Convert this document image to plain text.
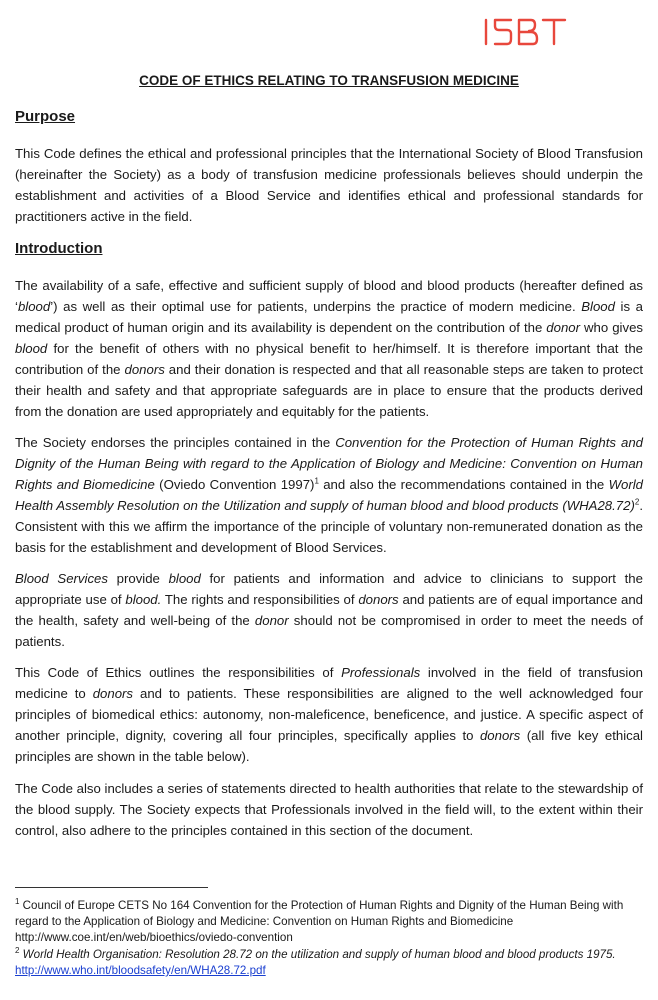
CODE OF ETHICS RELATING TO TRANSFUSION MEDICINE
Purpose

This Code defines the ethical and professional principles that the International Society of Blood Transfusion (hereinafter the Society) as a body of transfusion medicine professionals believes should underpin the establishment and activities of a Blood Service and identifies ethical and professional standards for practitioners active in the field.

Introduction

The availability of a safe, effective and sufficient supply of blood and blood products (hereafter defined as ‘blood’) as well as their optimal use for patients, underpins the practice of modern medicine. Blood is a medical product of human origin and its availability is dependent on the contribution of the donor who gives blood for the benefit of others with no physical benefit to her/himself. It is therefore important that the contribution of the donors and their donation is respected and that all reasonable steps are taken to protect their health and safety and that appropriate safeguards are in place to ensure that the products derived from the donation are used appropriately and equitably for the patients.

The Society endorses the principles contained in the Convention for the Protection of Human Rights and Dignity of the Human Being with regard to the Application of Biology and Medicine: Convention on Human Rights and Biomedicine (Oviedo Convention 1997)$^1$ and also the recommendations contained in the World Health Assembly Resolution on the Utilization and supply of human blood and blood products $(WHA28.72)^2$. Consistent with this we affirm the importance of the principle of voluntary non-remunerated donation as the basis for the establishment and development of Blood Services.

Blood Services provide blood for patients and information and advice to clinicians to support the appropriate use of blood. The rights and responsibilities of donors and patients are of equal importance and the health, safety and well-being of the donor should not be compromised in order to meet the needs of patients.

This Code of Ethics outlines the responsibilities of Professionals involved in the field of transfusion medicine to donors and to patients. These responsibilities are aligned to the well acknowledged four principles of biomedical ethics: autonomy, non-maleficence, beneficence, and justice. A specific aspect of another principle, dignity, covering all four principles, specifically applies to donors (all five key ethical principles are shown in the table below).

The Code also includes a series of statements directed to health authorities that relate to the stewardship of the blood supply. The Society expects that Professionals involved in the field will, to the extent within their control, also adhere to the principles contained in this section of the document.

$^1$ Council of Europe CETS No 164 Convention for the Protection of Human Rights and Dignity of the Human Being with regard to the Application of Biology and Medicine: Convention on Human Rights and Biomedicine http://www.coe.int/en/web/bioethics/oviedo-convention
$^2$ World Health Organisation: Resolution 28.72 on the utilization and supply of human blood and blood products 1975. http://www.who.int/bloodsafety/en/WHA28.72.pdf
